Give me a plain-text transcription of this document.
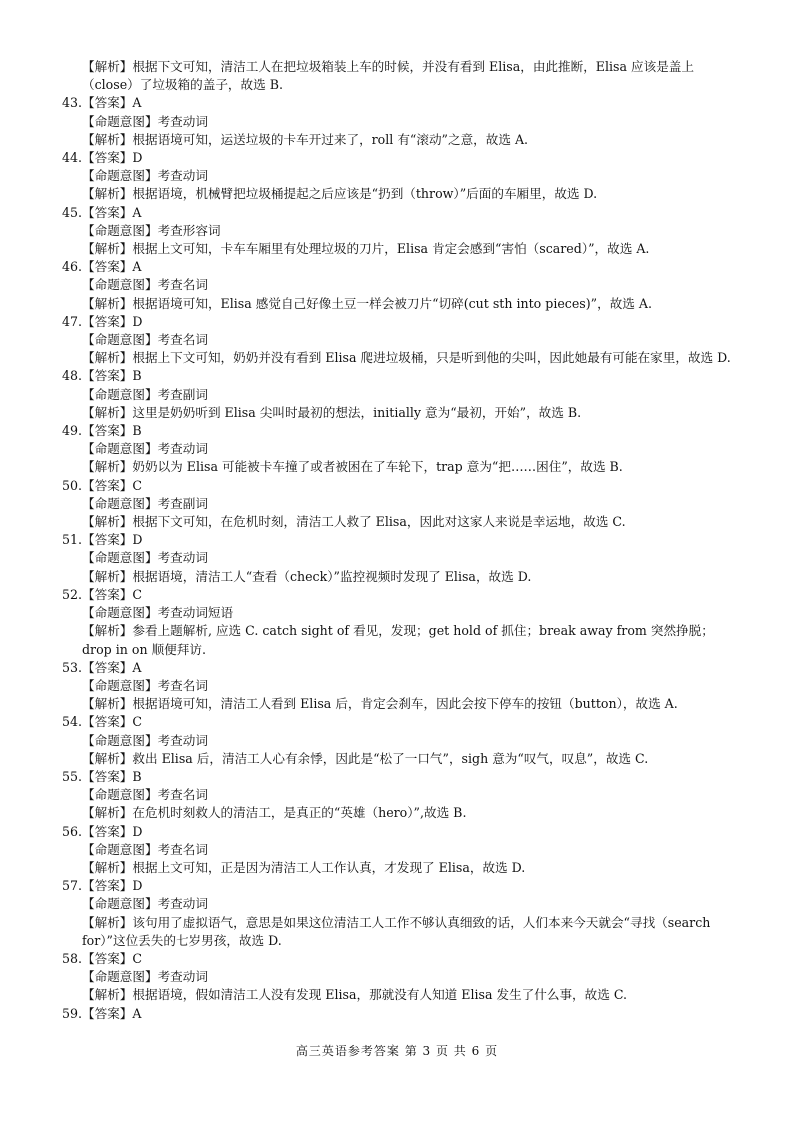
【解析】根据下文可知，清洁工人在把垃圾箱装上车的时候，并没有看到 Elisa，由此推断，Elisa 应该是盖上（close）了垃圾箱的盖子，故选 B.
43.【答案】A
【命题意图】考查动词
【解析】根据语境可知，运送垃圾的卡车开过来了，roll 有“滚动”之意，故选 A.
44.【答案】D
【命题意图】考查动词
【解析】根据语境，机械臂把垃圾桶提起之后应该是“扔到（throw）”后面的车厢里，故选 D.
45.【答案】A
【命题意图】考查形容词
【解析】根据上文可知，卡车车厢里有处理垃圾的刀片，Elisa 肯定会感到“害怕（scared）”，故选 A.
46.【答案】A
【命题意图】考查名词
【解析】根据语境可知，Elisa 感觉自己好像土豆一样会被刀片“切碎(cut sth into pieces)”，故选 A.
47.【答案】D
【命题意图】考查名词
【解析】根据上下文可知，奶奶并没有看到 Elisa 爬进垃圾桶，只是听到他的尖叫，因此她最有可能在家里，故选 D.
48.【答案】B
【命题意图】考查副词
【解析】这里是奶奶听到 Elisa 尖叫时最初的想法，initially 意为“最初，开始”，故选 B.
49.【答案】B
【命题意图】考查动词
【解析】奶奶以为 Elisa 可能被卡车撞了或者被困在了车轮下，trap 意为“把……困住”，故选 B.
50.【答案】C
【命题意图】考查副词
【解析】根据下文可知，在危机时刻，清洁工人救了 Elisa，因此对这家人来说是幸运地，故选 C.
51.【答案】D
【命题意图】考查动词
【解析】根据语境，清洁工人“查看（check）”监控视频时发现了 Elisa，故选 D.
52.【答案】C
【命题意图】考查动词短语
【解析】参看上题解析, 应选 C. catch sight of 看见，发现；get hold of 抓住；break away from 突然挣脱；drop in on 顺便拜访.
53.【答案】A
【命题意图】考查名词
【解析】根据语境可知，清洁工人看到 Elisa 后，肯定会刹车，因此会按下停车的按钮（button），故选 A.
54.【答案】C
【命题意图】考查动词
【解析】救出 Elisa 后，清洁工人心有余悸，因此是“松了一口气”，sigh 意为“叹气，叹息”，故选 C.
55.【答案】B
【命题意图】考查名词
【解析】在危机时刻救人的清洁工，是真正的“英雄（hero）”,故选 B.
56.【答案】D
【命题意图】考查名词
【解析】根据上文可知，正是因为清洁工人工作认真，才发现了 Elisa，故选 D.
57.【答案】D
【命题意图】考查动词
【解析】该句用了虚拟语气，意思是如果这位清洁工人工作不够认真细致的话，人们本来今天就会“寻找（search for）”这位丢失的七岁男孩，故选 D.
58.【答案】C
【命题意图】考查动词
【解析】根据语境，假如清洁工人没有发现 Elisa，那就没有人知道 Elisa 发生了什么事，故选 C.
59.【答案】A
高三英语参考答案 第 3 页 共 6 页
